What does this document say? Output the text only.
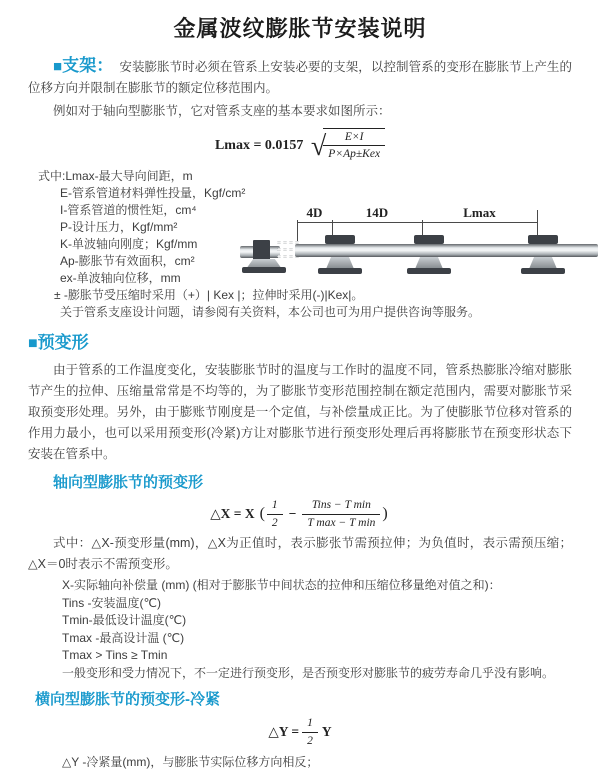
金属波纹膨胀节安装说明
■支架： 安装膨胀节时必须在管系上安装必要的支架，以控制管系的变形在膨胀节上产生的位移方向并限制在膨胀节的额定位移范围内。
例如对于轴向型膨胀节，它对管系支座的基本要求如图所示：
Lmax = 0.0157 √
$\frac{E\times I}{\text{P×Ap±Kex}}$
式中:Lmax-最大导向间距，m
E-管系管道材料弹性投量，Kgf/cm²
I-管系管道的惯性矩，cm⁴
P-设计压力，Kgf/mm²
K-单波轴向刚度；Kgf/mm
Ap-膨胀节有效面积，cm²
ex-单波轴向位移，mm
± -膨胀节受压缩时采用（+）| Kex |；拉伸时采用(-)|Kex|。
关于管系支座设计问题，请参阅有关资料，本公司也可为用户提供咨询等服务。
4D	14D	Lmax
■预变形
由于管系的工作温度变化，安装膨胀节时的温度与工作时的温度不同，管系热膨胀冷缩对膨胀节产生的拉伸、压缩量常常是不均等的，为了膨胀节变形范围控制在额定范围内，需要对膨胀节采取预变形处理。另外，由于膨账节刚度是一个定值，与补偿量成正比。为了使膨胀节位移对管系的作用力最小，也可以采用预变形(冷紧)方让对膨胀节进行预变形处理后再将膨胀节在预变形状态下安装在管系中。
轴向型膨胀节的预变形
△X = X ( $\frac{1}{2} - \frac{\text{Tins − T min}}{\text{T max − T min}}$ )
式中：△X-预变形量(mm)，△X为正值时，表示膨张节需预拉伸；为负值时，表示需预压缩；△X＝0时表示不需预变形。
X-实际轴向补偿量 (mm) (相对于膨胀节中间状态的拉伸和压缩位移量绝对值之和)：
Tins -安装温度(℃)
Tmin-最低设计温度(℃)
Tmax -最高设计温 (℃)
Tmax > Tins ≥ Tmin
一般变形和受力情况下，不一定进行预变形，是否预变形对膨胀节的疲劳寿命几乎没有影响。
横向型膨胀节的预变形-冷紧
△Y = $\frac{1}{2}$ Y
△Y -冷紧量(mm)，与膨胀节实际位移方向相反；
